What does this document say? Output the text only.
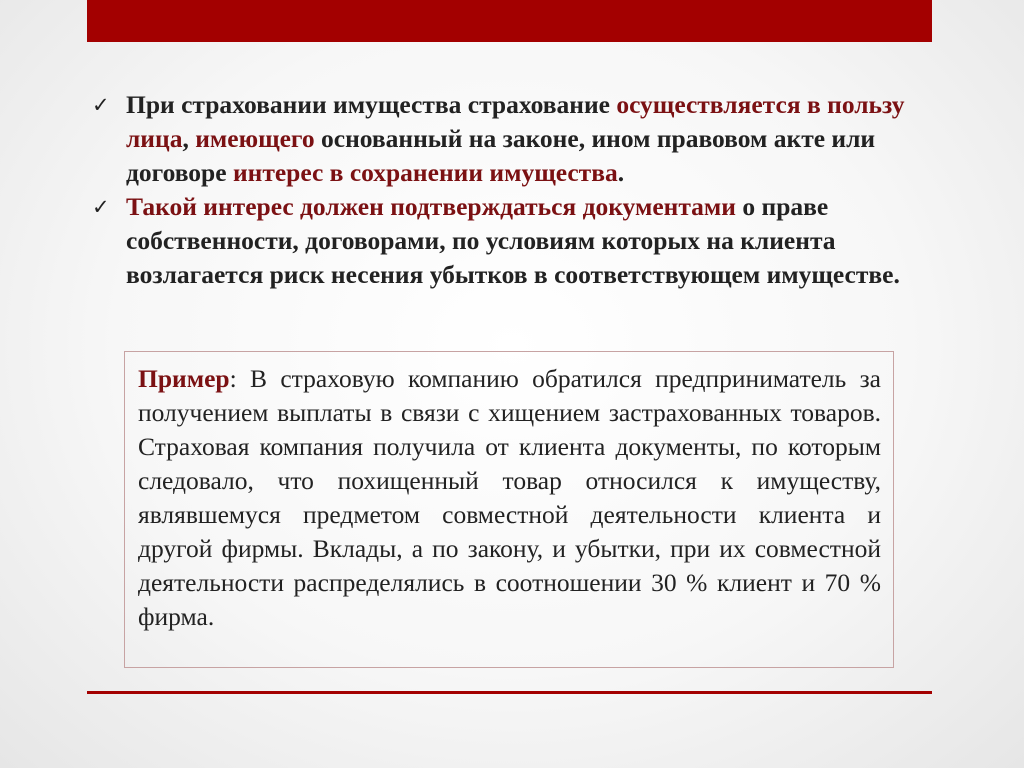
✓ При страховании имущества страхование осуществляется в пользу лица, имеющего основанный на законе, ином правовом акте или договоре интерес в сохранении имущества.
✓ Такой интерес должен подтверждаться документами о праве собственности, договорами, по условиям которых на клиента возлагается риск несения убытков в соответствующем имуществе.

Пример: В страховую компанию обратился предприниматель за получением выплаты в связи с хищением застрахованных товаров. Страховая компания получила от клиента документы, по которым следовало, что похищенный товар относился к имуществу, являвшемуся предметом совместной деятельности клиента и другой фирмы. Вклады, а по закону, и убытки, при их совместной деятельности распределялись в соотношении 30 % клиент и 70 % фирма.
